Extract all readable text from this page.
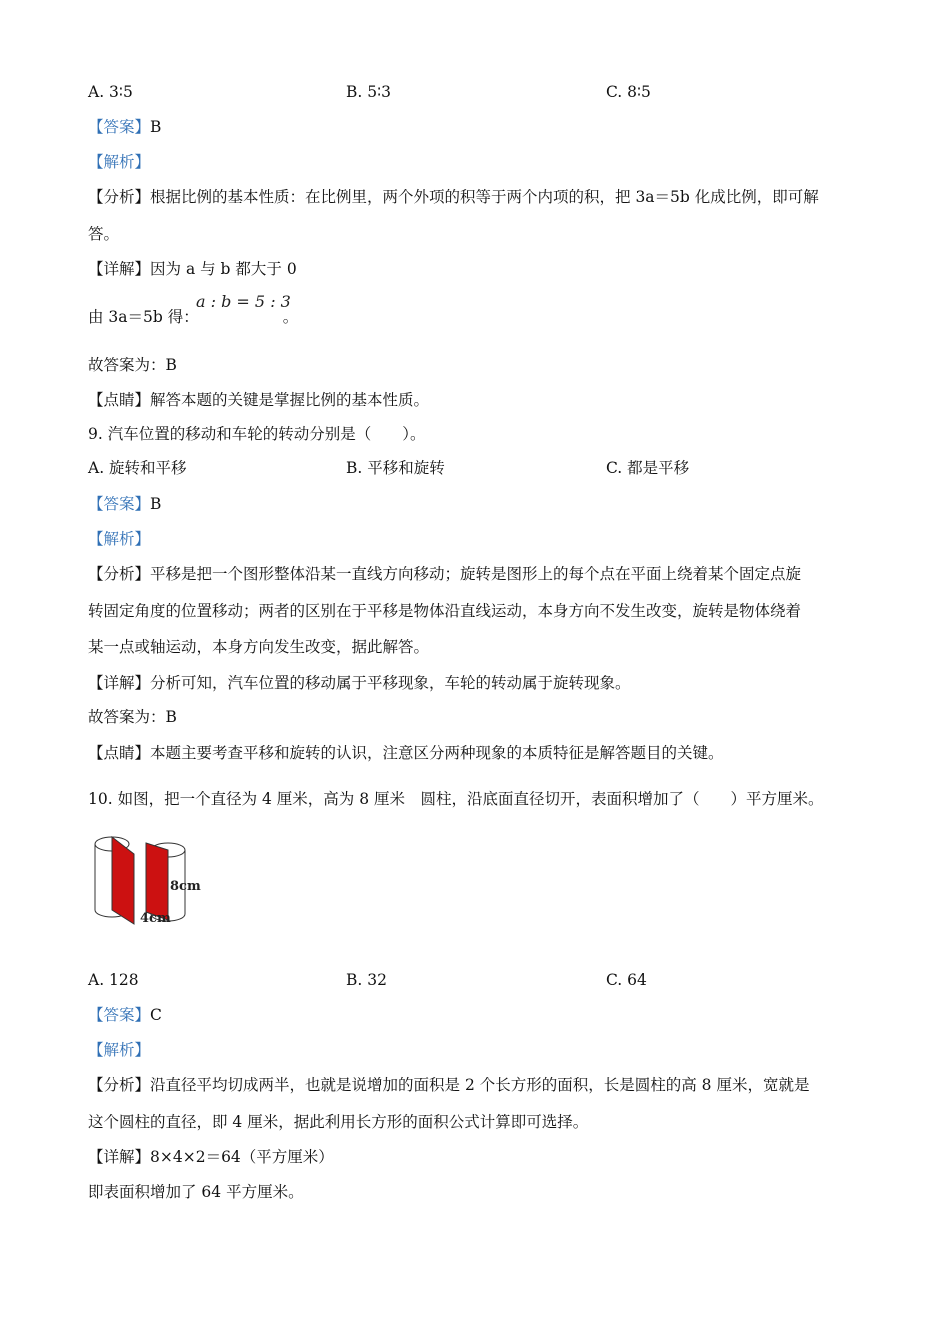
A. 3∶5	B. 5∶3	C. 8∶5
【答案】B
【解析】
【分析】根据比例的基本性质：在比例里，两个外项的积等于两个内项的积，把 3a＝5b 化成比例，即可解
答。
【详解】因为 a 与 b 都大于 0
a : b = 5 : 3
由 3a＝5b 得：	。
故答案为：B
【点睛】解答本题的关键是掌握比例的基本性质。
9. 汽车位置的移动和车轮的转动分别是（　　）。
A. 旋转和平移	B. 平移和旋转	C. 都是平移
【答案】B
【解析】
【分析】平移是把一个图形整体沿某一直线方向移动；旋转是图形上的每个点在平面上绕着某个固定点旋
转固定角度的位置移动；两者的区别在于平移是物体沿直线运动，本身方向不发生改变，旋转是物体绕着
某一点或轴运动，本身方向发生改变，据此解答。
【详解】分析可知，汽车位置的移动属于平移现象，车轮的转动属于旋转现象。
故答案为：B
【点睛】本题主要考查平移和旋转的认识，注意区分两种现象的本质特征是解答题目的关键。
10. 如图，把一个直径为 4 厘米，高为 8 厘米　圆柱，沿底面直径切开，表面积增加了（　　）平方厘米。
8cm
4cm
A. 128	B. 32	C. 64
【答案】C
【解析】
【分析】沿直径平均切成两半，也就是说增加的面积是 2 个长方形的面积，长是圆柱的高 8 厘米，宽就是
这个圆柱的直径，即 4 厘米，据此利用长方形的面积公式计算即可选择。
【详解】8×4×2＝64（平方厘米）
即表面积增加了 64 平方厘米。
